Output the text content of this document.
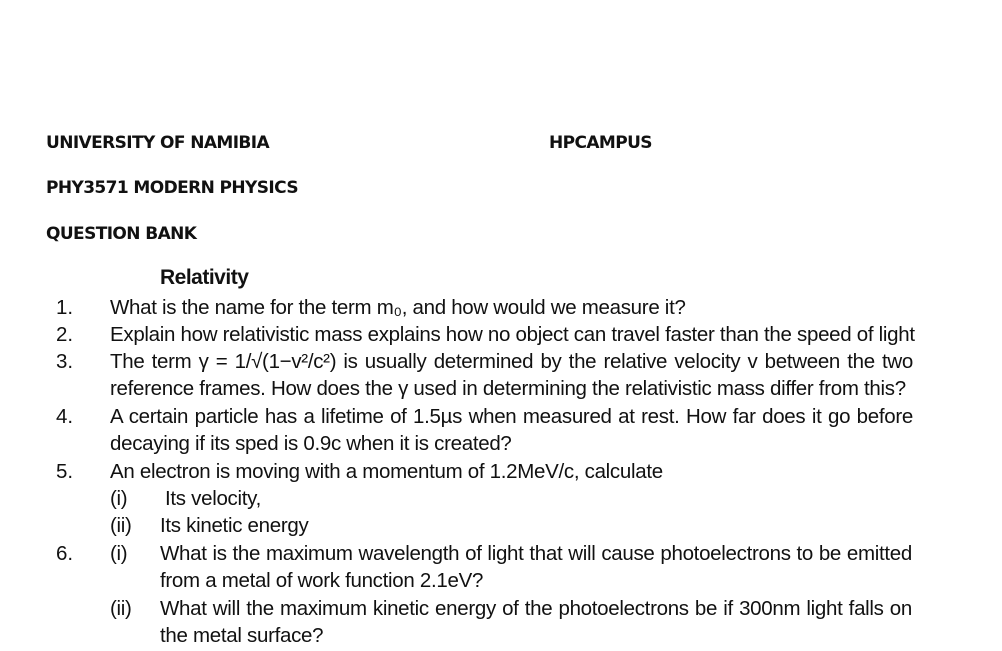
UNIVERSITY OF NAMIBIA	HPCAMPUS
PHY3571 MODERN PHYSICS
QUESTION BANK
Relativity
1. What is the name for the term m₀, and how would we measure it?
2. Explain how relativistic mass explains how no object can travel faster than the speed of light
3. The term γ = 1/√(1−v²/c²) is usually determined by the relative velocity v between the two reference frames. How does the γ used in determining the relativistic mass differ from this?
4. A certain particle has a lifetime of 1.5µs when measured at rest. How far does it go before decaying if its sped is 0.9c when it is created?
5. An electron is moving with a momentum of 1.2MeV/c, calculate
(i) Its velocity,
(ii) Its kinetic energy
6. (i) What is the maximum wavelength of light that will cause photoelectrons to be emitted from a metal of work function 2.1eV?
(ii) What will the maximum kinetic energy of the photoelectrons be if 300nm light falls on the metal surface?
